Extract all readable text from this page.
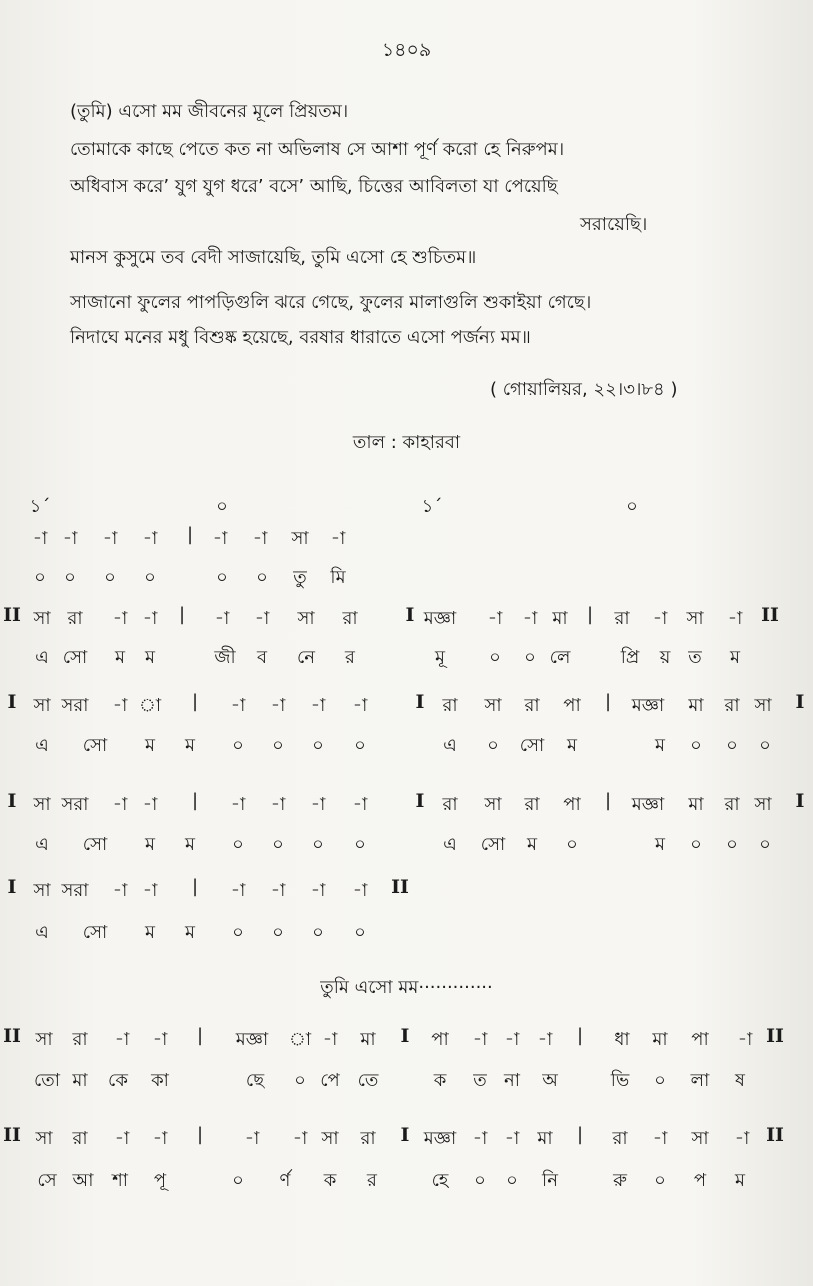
১৪০৯
(তুমি) এসো মম জীবনের মূলে প্রিয়তম।
তোমাকে কাছে পেতে কত না অভিলাষ সে আশা পূর্ণ করো হে নিরুপম।
অধিবাস করে’ যুগ যুগ ধরে’ বসে’ আছি, চিত্তের আবিলতা যা পেয়েছি
সরায়েছি।
মানস কুসুমে তব বেদী সাজায়েছি, তুমি এসো হে শুচিতম॥
সাজানো ফুলের পাপড়িগুলি ঝরে গেছে, ফুলের মালাগুলি শুকাইয়া গেছে।
নিদাঘে মনের মধু বিশুষ্ক হয়েছে, বরষার ধারাতে এসো পর্জন্য মম॥
( গোয়ালিয়র, ২২।৩।৮৪ )
তাল : কাহারবা
তুমি এসো মম·············
১´	০	১´	০
-া -া -া -া | -া -া সা -া
০ ০ ০ ০	০ ০ তু মি
II সা রা -া -া | -া -া সা রা	I মজ্ঞা -া -া মা | রা -া সা -া II
এ সো ম ম	জী ব নে র	মূ ০ ০ লে	প্রি য় ত ম
I সা সরা -া া | -া -া -া -া	I রা সা রা পা | মজ্ঞা মা রা সা I
এ সো ম ম ০ ০ ০ ০	এ ০ সো ম	ম ০ ০ ০
I সা সরা -া -া | -া -া -া -া	I রা সা রা পা | মজ্ঞা মা রা সা I
এ সো ম ম ০ ০ ০ ০	এ সো ম ০	ম ০ ০ ০
I সা সরা -া -া | -া -া -া -া II
এ সো ম ম ০ ০ ০ ০
II সা রা -া -া | মজ্ঞা া -া মা I পা -া -া -া | ধা মা পা -া II
তো মা কে কা	ছে ০ পে তে	ক ত না অ	ভি ০ লা ষ
II সা রা -া -া | -া -া সা রা I মজ্ঞা -া -া মা | রা -া সা -া II
সে আ শা পূ	০ র্ণ ক র	হে ০ ০ নি	রু ০ প ম
